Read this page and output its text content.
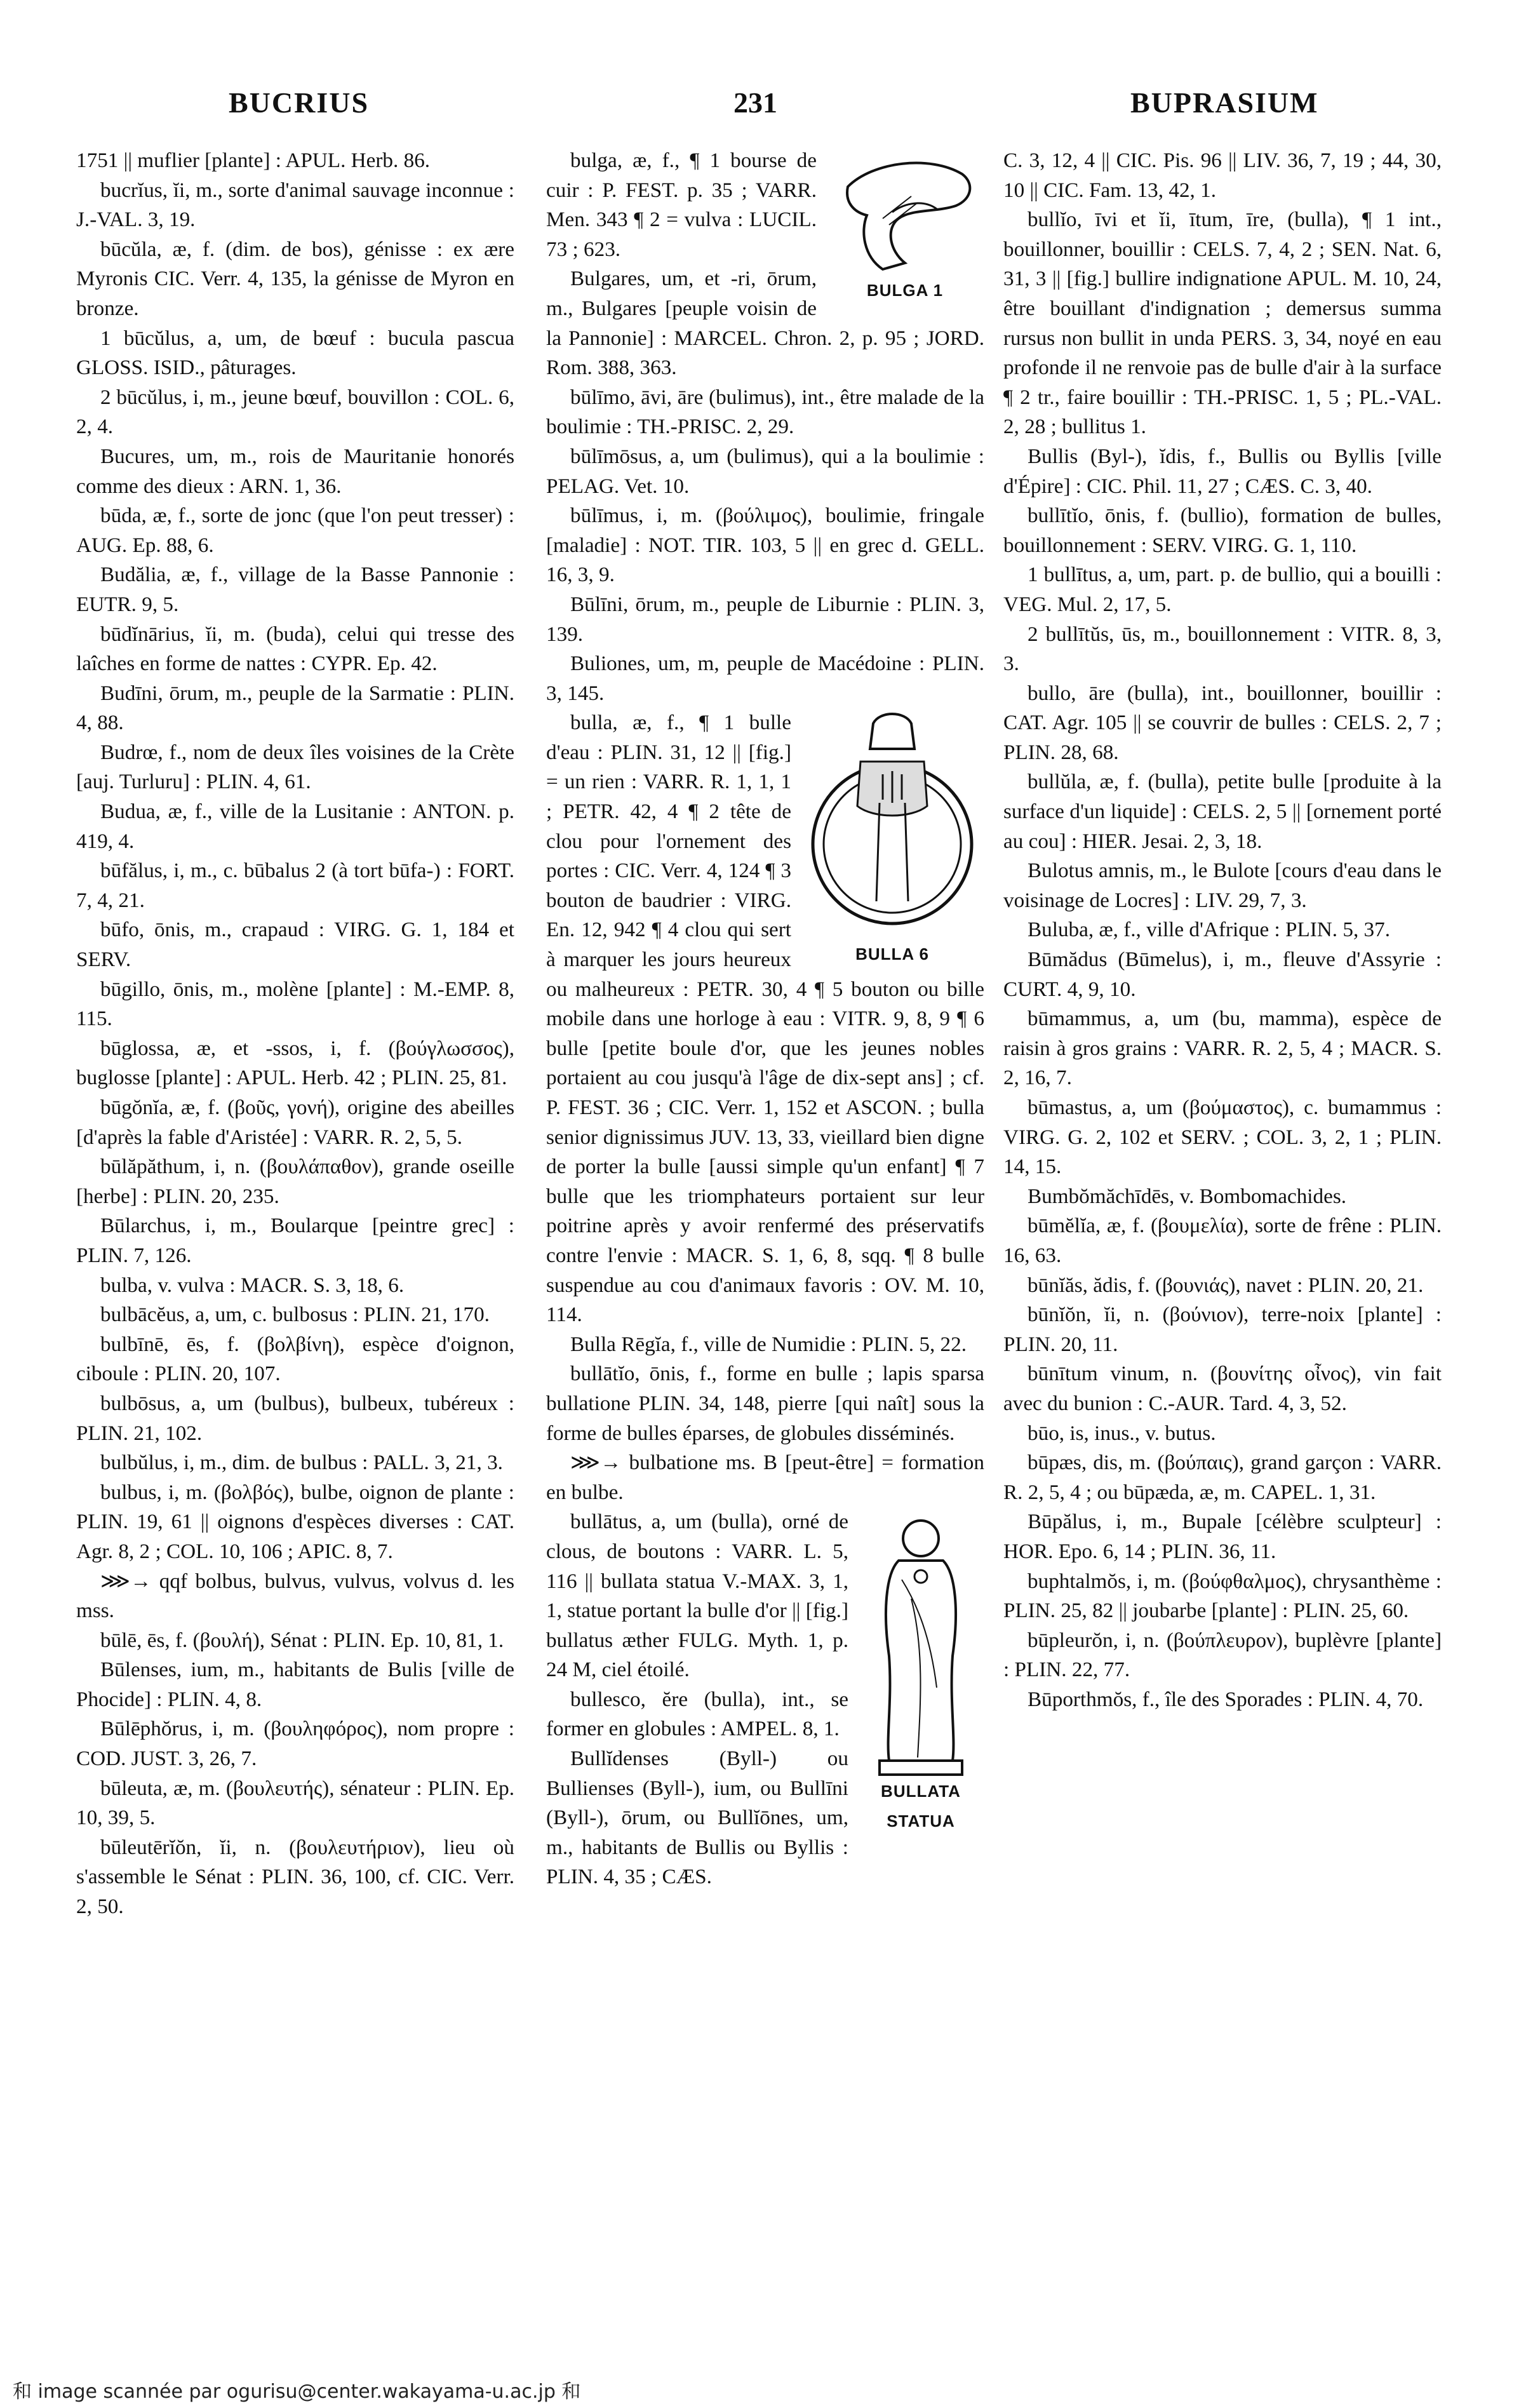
BUCRIUS	231	BUPRASIUM

1751 || muflier [plante] : APUL. Herb. 86.

bucrĭus, ĭi, m., sorte d'animal sauvage inconnue : J.-VAL. 3, 19.

būcŭla, æ, f. (dim. de bos), génisse : ex ære Myronis CIC. Verr. 4, 135, la génisse de Myron en bronze.

1 būcŭlus, a, um, de bœuf : bucula pascua GLOSS. ISID., pâturages.

2 būcŭlus, i, m., jeune bœuf, bouvillon : COL. 6, 2, 4.

Bucures, um, m., rois de Mauritanie honorés comme des dieux : ARN. 1, 36.

būda, æ, f., sorte de jonc (que l'on peut tresser) : AUG. Ep. 88, 6.

Budălia, æ, f., village de la Basse Pannonie : EUTR. 9, 5.

būdĭnārius, ĭi, m. (buda), celui qui tresse des laîches en forme de nattes : CYPR. Ep. 42.

Budīni, ōrum, m., peuple de la Sarmatie : PLIN. 4, 88.

Budrœ, f., nom de deux îles voisines de la Crète [auj. Turluru] : PLIN. 4, 61.

Budua, æ, f., ville de la Lusitanie : ANTON. p. 419, 4.

būfălus, i, m., c. būbalus 2 (à tort būfa-) : FORT. 7, 4, 21.

būfo, ōnis, m., crapaud : VIRG. G. 1, 184 et SERV.

būgillo, ōnis, m., molène [plante] : M.-EMP. 8, 115.

būglossa, æ, et -ssos, i, f. (βούγλωσσος), buglosse [plante] : APUL. Herb. 42 ; PLIN. 25, 81.

būgŏnĭa, æ, f. (βοῦς, γονή), origine des abeilles [d'après la fable d'Aristée] : VARR. R. 2, 5, 5.

būlăpăthum, i, n. (βουλάπαθον), grande oseille [herbe] : PLIN. 20, 235.

Būlarchus, i, m., Boularque [peintre grec] : PLIN. 7, 126.

bulba, v. vulva : MACR. S. 3, 18, 6.

bulbācĕus, a, um, c. bulbosus : PLIN. 21, 170.

bulbīnē, ēs, f. (βολβίνη), espèce d'oignon, ciboule : PLIN. 20, 107.

bulbōsus, a, um (bulbus), bulbeux, tubéreux : PLIN. 21, 102.

bulbŭlus, i, m., dim. de bulbus : PALL. 3, 21, 3.

bulbus, i, m. (βολβός), bulbe, oignon de plante : PLIN. 19, 61 || oignons d'espèces diverses : CAT. Agr. 8, 2 ; COL. 10, 106 ; APIC. 8, 7.

⋙→ qqf bolbus, bulvus, vulvus, volvus d. les mss.

būlē, ēs, f. (βουλή), Sénat : PLIN. Ep. 10, 81, 1.

Būlenses, ium, m., habitants de Bulis [ville de Phocide] : PLIN. 4, 8.

Būlēphŏrus, i, m. (βουληφόρος), nom propre : COD. JUST. 3, 26, 7.

būleuta, æ, m. (βουλευτής), sénateur : PLIN. Ep. 10, 39, 5.

būleutērĭŏn, ĭi, n. (βουλευτήριον), lieu où s'assemble le Sénat : PLIN. 36, 100, cf. CIC. Verr. 2, 50.

BULGA 1

bulga, æ, f., ¶ 1 bourse de cuir : P. FEST. p. 35 ; VARR. Men. 343 ¶ 2 = vulva : LUCIL. 73 ; 623.

Bulgares, um, et -ri, ōrum, m., Bulgares [peuple voisin de la Pannonie] : MARCEL. Chron. 2, p. 95 ; JORD. Rom. 388, 363.

būlīmo, āvi, āre (bulimus), int., être malade de la boulimie : TH.-PRISC. 2, 29.

būlīmōsus, a, um (bulimus), qui a la boulimie : PELAG. Vet. 10.

būlīmus, i, m. (βούλιμος), boulimie, fringale [maladie] : NOT. TIR. 103, 5 || en grec d. GELL. 16, 3, 9.

Būlīni, ōrum, m., peuple de Liburnie : PLIN. 3, 139.

Buliones, um, m, peuple de Macédoine : PLIN. 3, 145.

BULLA 6

bulla, æ, f., ¶ 1 bulle d'eau : PLIN. 31, 12 || [fig.] = un rien : VARR. R. 1, 1, 1 ; PETR. 42, 4 ¶ 2 tête de clou pour l'ornement des portes : CIC. Verr. 4, 124 ¶ 3 bouton de baudrier : VIRG. En. 12, 942 ¶ 4 clou qui sert à marquer les jours heureux ou malheureux : PETR. 30, 4 ¶ 5 bouton ou bille mobile dans une horloge à eau : VITR. 9, 8, 9 ¶ 6 bulle [petite boule d'or, que les jeunes nobles portaient au cou jusqu'à l'âge de dix-sept ans] ; cf. P. FEST. 36 ; CIC. Verr. 1, 152 et ASCON. ; bulla senior dignissimus JUV. 13, 33, vieillard bien digne de porter la bulle [aussi simple qu'un enfant] ¶ 7 bulle que les triomphateurs portaient sur leur poitrine après y avoir renfermé des préservatifs contre l'envie : MACR. S. 1, 6, 8, sqq. ¶ 8 bulle suspendue au cou d'animaux favoris : OV. M. 10, 114.

Bulla Rēgĭa, f., ville de Numidie : PLIN. 5, 22.

bullātĭo, ōnis, f., forme en bulle ; lapis sparsa bullatione PLIN. 34, 148, pierre [qui naît] sous la forme de bulles éparses, de globules disséminés.

⋙→ bulbatione ms. B [peut-être] = formation en bulbe.

BULLATA
STATUA

bullātus, a, um (bulla), orné de clous, de boutons : VARR. L. 5, 116 || bullata statua V.-MAX. 3, 1, 1, statue portant la bulle d'or || [fig.] bullatus æther FULG. Myth. 1, p. 24 M, ciel étoilé.

bullesco, ĕre (bulla), int., se former en globules : AMPEL. 8, 1.

Bullĭdenses (Byll-) ou Bullienses (Byll-), ium, ou Bullīni (Byll-), ōrum, ou Bullĭōnes, um, m., habitants de Bullis ou Byllis : PLIN. 4, 35 ; CÆS.

C. 3, 12, 4 || CIC. Pis. 96 || LIV. 36, 7, 19 ; 44, 30, 10 || CIC. Fam. 13, 42, 1.

bullĭo, īvi et ĭi, ītum, īre, (bulla), ¶ 1 int., bouillonner, bouillir : CELS. 7, 4, 2 ; SEN. Nat. 6, 31, 3 || [fig.] bullire indignatione APUL. M. 10, 24, être bouillant d'indignation ; demersus summa rursus non bullit in unda PERS. 3, 34, noyé en eau profonde il ne renvoie pas de bulle d'air à la surface ¶ 2 tr., faire bouillir : TH.-PRISC. 1, 5 ; PL.-VAL. 2, 28 ; bullitus 1.

Bullis (Byl-), ĭdis, f., Bullis ou Byllis [ville d'Épire] : CIC. Phil. 11, 27 ; CÆS. C. 3, 40.

bullītĭo, ōnis, f. (bullio), formation de bulles, bouillonnement : SERV. VIRG. G. 1, 110.

1 bullītus, a, um, part. p. de bullio, qui a bouilli : VEG. Mul. 2, 17, 5.

2 bullītŭs, ūs, m., bouillonnement : VITR. 8, 3, 3.

bullo, āre (bulla), int., bouillonner, bouillir : CAT. Agr. 105 || se couvrir de bulles : CELS. 2, 7 ; PLIN. 28, 68.

bullŭla, æ, f. (bulla), petite bulle [produite à la surface d'un liquide] : CELS. 2, 5 || [ornement porté au cou] : HIER. Jesai. 2, 3, 18.

Bulotus amnis, m., le Bulote [cours d'eau dans le voisinage de Locres] : LIV. 29, 7, 3.

Buluba, æ, f., ville d'Afrique : PLIN. 5, 37.

Būmădus (Būmelus), i, m., fleuve d'Assyrie : CURT. 4, 9, 10.

būmammus, a, um (bu, mamma), espèce de raisin à gros grains : VARR. R. 2, 5, 4 ; MACR. S. 2, 16, 7.

būmastus, a, um (βούμαστος), c. bumammus : VIRG. G. 2, 102 et SERV. ; COL. 3, 2, 1 ; PLIN. 14, 15.

Bumbŏmăchīdēs, v. Bombomachides.

būmĕlĭa, æ, f. (βουμελία), sorte de frêne : PLIN. 16, 63.

būnĭăs, ădis, f. (βουνιάς), navet : PLIN. 20, 21.

būnĭŏn, ĭi, n. (βούνιον), terre-noix [plante] : PLIN. 20, 11.

būnītum vinum, n. (βουνίτης οἶνος), vin fait avec du bunion : C.-AUR. Tard. 4, 3, 52.

būo, is, inus., v. butus.

būpæs, dis, m. (βούπαις), grand garçon : VARR. R. 2, 5, 4 ; ou būpæda, æ, m. CAPEL. 1, 31.

Būpălus, i, m., Bupale [célèbre sculpteur] : HOR. Epo. 6, 14 ; PLIN. 36, 11.

buphtalmŏs, i, m. (βούφθαλμος), chrysanthème : PLIN. 25, 82 || joubarbe [plante] : PLIN. 25, 60.

būpleurŏn, i, n. (βούπλευρον), buplèvre [plante] : PLIN. 22, 77.

Būporthmŏs, f., île des Sporades : PLIN. 4, 70.

和 image scannée par ogurisu@center.wakayama-u.ac.jp 和
